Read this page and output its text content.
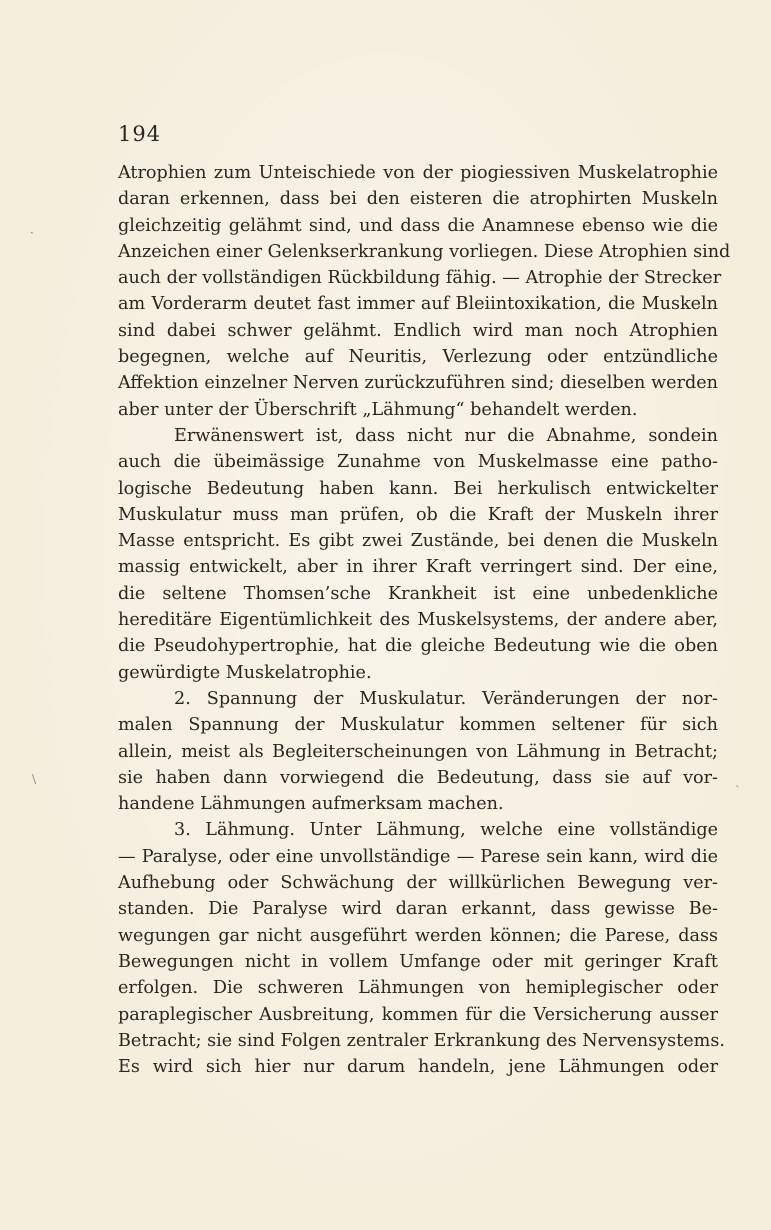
194
Atrophien zum Unteischiede von der piogiessiven Muskelatrophie
daran erkennen, dass bei den eisteren die atrophirten Muskeln
gleichzeitig gelähmt sind, und dass die Anamnese ebenso wie die
Anzeichen einer Gelenkserkrankung vorliegen. Diese Atrophien sind
auch der vollständigen Rückbildung fähig. — Atrophie der Strecker
am Vorderarm deutet fast immer auf Bleiintoxikation, die Muskeln
sind dabei schwer gelähmt. Endlich wird man noch Atrophien
begegnen, welche auf Neuritis, Verlezung oder entzündliche
Affektion einzelner Nerven zurückzuführen sind; dieselben werden
aber unter der Überschrift „Lähmung“ behandelt werden.
Erwänenswert ist, dass nicht nur die Abnahme, sondein
auch die übeimässige Zunahme von Muskelmasse eine patho-
logische Bedeutung haben kann. Bei herkulisch entwickelter
Muskulatur muss man prüfen, ob die Kraft der Muskeln ihrer
Masse entspricht. Es gibt zwei Zustände, bei denen die Muskeln
massig entwickelt, aber in ihrer Kraft verringert sind. Der eine,
die seltene Thomsen’sche Krankheit ist eine unbedenkliche
hereditäre Eigentümlichkeit des Muskelsystems, der andere aber,
die Pseudohypertrophie, hat die gleiche Bedeutung wie die oben
gewürdigte Muskelatrophie.
2. Spannung der Muskulatur. Veränderungen der nor-
malen Spannung der Muskulatur kommen seltener für sich
allein, meist als Begleiterscheinungen von Lähmung in Betracht;
sie haben dann vorwiegend die Bedeutung, dass sie auf vor-
handene Lähmungen aufmerksam machen.
3. Lähmung. Unter Lähmung, welche eine vollständige
— Paralyse, oder eine unvollständige — Parese sein kann, wird die
Aufhebung oder Schwächung der willkürlichen Bewegung ver-
standen. Die Paralyse wird daran erkannt, dass gewisse Be-
wegungen gar nicht ausgeführt werden können; die Parese, dass
Bewegungen nicht in vollem Umfange oder mit geringer Kraft
erfolgen. Die schweren Lähmungen von hemiplegischer oder
paraplegischer Ausbreitung, kommen für die Versicherung ausser
Betracht; sie sind Folgen zentraler Erkrankung des Nervensystems.
Es wird sich hier nur darum handeln, jene Lähmungen oder
·
\
`
